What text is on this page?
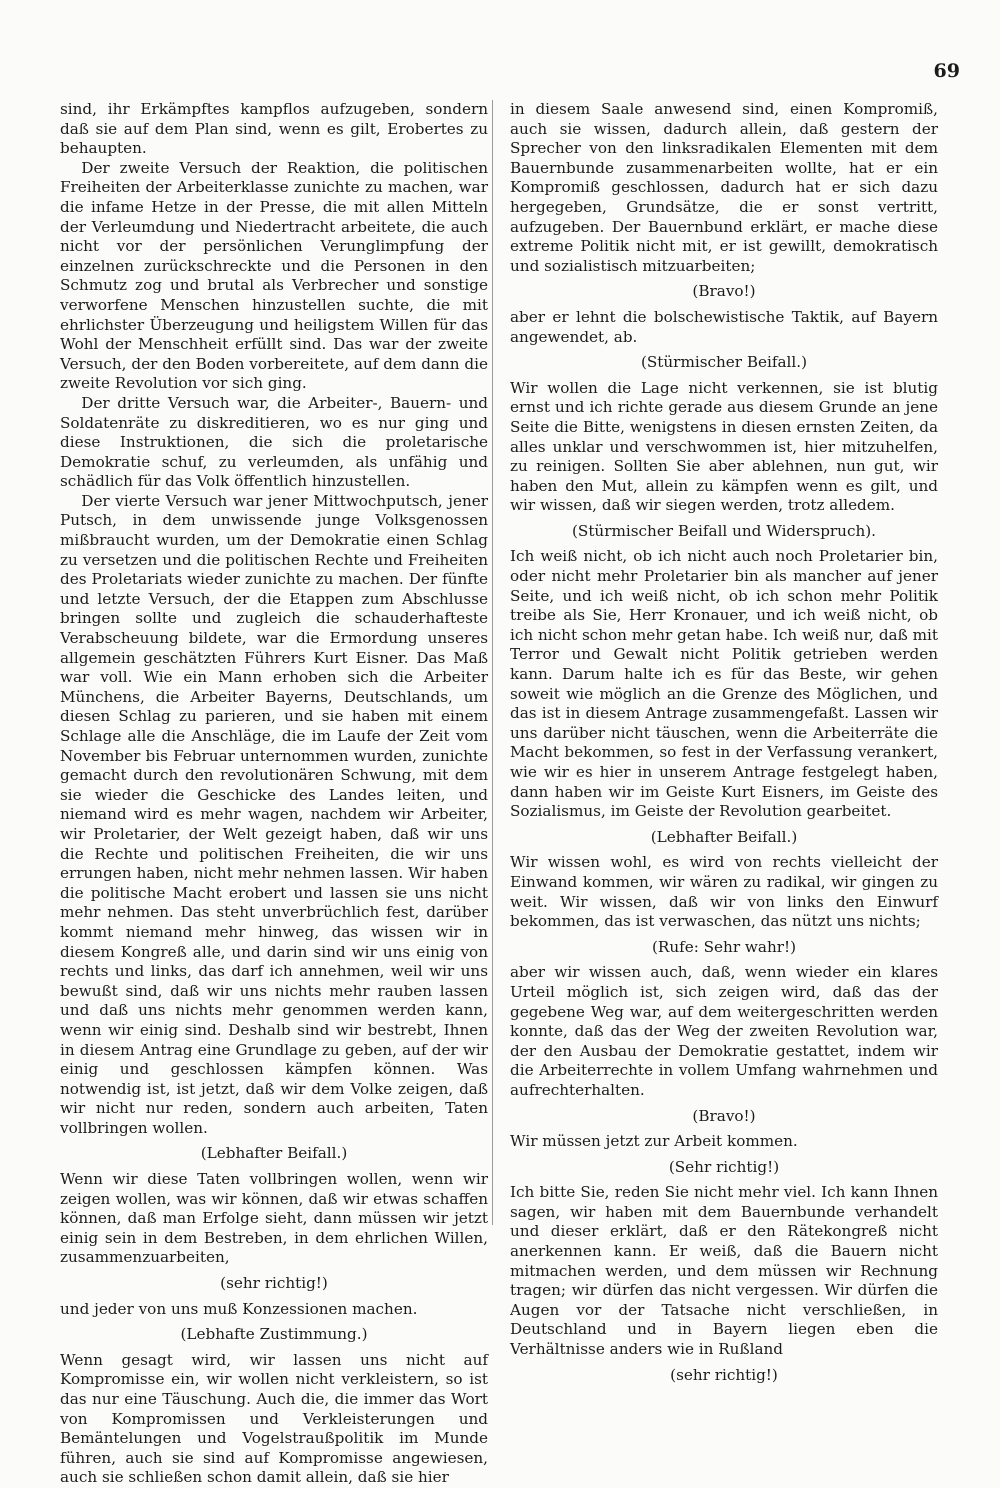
69

sind, ihr Erkämpftes kampflos aufzugeben, sondern daß sie auf dem Plan sind, wenn es gilt, Erobertes zu behaupten.

Der zweite Versuch der Reaktion, die politischen Freiheiten der Arbeiterklasse zunichte zu machen, war die infame Hetze in der Presse, die mit allen Mitteln der Verleumdung und Niedertracht arbeitete, die auch nicht vor der persönlichen Verunglimpfung der einzelnen zurückschreckte und die Personen in den Schmutz zog und brutal als Verbrecher und sonstige verworfene Menschen hinzustellen suchte, die mit ehrlichster Überzeugung und heiligstem Willen für das Wohl der Menschheit erfüllt sind. Das war der zweite Versuch, der den Boden vorbereitete, auf dem dann die zweite Revolution vor sich ging.

Der dritte Versuch war, die Arbeiter-, Bauern- und Soldatenräte zu diskreditieren, wo es nur ging und diese Instruktionen, die sich die proletarische Demokratie schuf, zu verleumden, als unfähig und schädlich für das Volk öffentlich hinzustellen.

Der vierte Versuch war jener Mittwochputsch, jener Putsch, in dem unwissende junge Volksgenossen mißbraucht wurden, um der Demokratie einen Schlag zu versetzen und die politischen Rechte und Freiheiten des Proletariats wieder zunichte zu machen. Der fünfte und letzte Versuch, der die Etappen zum Abschlusse bringen sollte und zugleich die schauderhafteste Verabscheuung bildete, war die Ermordung unseres allgemein geschätzten Führers Kurt Eisner. Das Maß war voll. Wie ein Mann erhoben sich die Arbeiter Münchens, die Arbeiter Bayerns, Deutschlands, um diesen Schlag zu parieren, und sie haben mit einem Schlage alle die Anschläge, die im Laufe der Zeit vom November bis Februar unternommen wurden, zunichte gemacht durch den revolutionären Schwung, mit dem sie wieder die Geschicke des Landes leiten, und niemand wird es mehr wagen, nachdem wir Arbeiter, wir Proletarier, der Welt gezeigt haben, daß wir uns die Rechte und politischen Freiheiten, die wir uns errungen haben, nicht mehr nehmen lassen. Wir haben die politische Macht erobert und lassen sie uns nicht mehr nehmen. Das steht unverbrüchlich fest, darüber kommt niemand mehr hinweg, das wissen wir in diesem Kongreß alle, und darin sind wir uns einig von rechts und links, das darf ich annehmen, weil wir uns bewußt sind, daß wir uns nichts mehr rauben lassen und daß uns nichts mehr genommen werden kann, wenn wir einig sind. Deshalb sind wir bestrebt, Ihnen in diesem Antrag eine Grundlage zu geben, auf der wir einig und geschlossen kämpfen können. Was notwendig ist, ist jetzt, daß wir dem Volke zeigen, daß wir nicht nur reden, sondern auch arbeiten, Taten vollbringen wollen.

(Lebhafter Beifall.)

Wenn wir diese Taten vollbringen wollen, wenn wir zeigen wollen, was wir können, daß wir etwas schaffen können, daß man Erfolge sieht, dann müssen wir jetzt einig sein in dem Bestreben, in dem ehrlichen Willen, zusammenzuarbeiten,

(sehr richtig!)

und jeder von uns muß Konzessionen machen.

(Lebhafte Zustimmung.)

Wenn gesagt wird, wir lassen uns nicht auf Kompromisse ein, wir wollen nicht verkleistern, so ist das nur eine Täuschung. Auch die, die immer das Wort von Kompromissen und Verkleisterungen und Bemäntelungen und Vogelstraußpolitik im Munde führen, auch sie sind auf Kompromisse angewiesen, auch sie schließen schon damit allein, daß sie hier

in diesem Saale anwesend sind, einen Kompromiß, auch sie wissen, dadurch allein, daß gestern der Sprecher von den linksradikalen Elementen mit dem Bauernbunde zusammenarbeiten wollte, hat er ein Kompromiß geschlossen, dadurch hat er sich dazu hergegeben, Grundsätze, die er sonst vertritt, aufzugeben. Der Bauernbund erklärt, er mache diese extreme Politik nicht mit, er ist gewillt, demokratisch und sozialistisch mitzuarbeiten;

(Bravo!)

aber er lehnt die bolschewistische Taktik, auf Bayern angewendet, ab.

(Stürmischer Beifall.)

Wir wollen die Lage nicht verkennen, sie ist blutig ernst und ich richte gerade aus diesem Grunde an jene Seite die Bitte, wenigstens in diesen ernsten Zeiten, da alles unklar und verschwommen ist, hier mitzuhelfen, zu reinigen. Sollten Sie aber ablehnen, nun gut, wir haben den Mut, allein zu kämpfen wenn es gilt, und wir wissen, daß wir siegen werden, trotz alledem.

(Stürmischer Beifall und Widerspruch).

Ich weiß nicht, ob ich nicht auch noch Proletarier bin, oder nicht mehr Proletarier bin als mancher auf jener Seite, und ich weiß nicht, ob ich schon mehr Politik treibe als Sie, Herr Kronauer, und ich weiß nicht, ob ich nicht schon mehr getan habe. Ich weiß nur, daß mit Terror und Gewalt nicht Politik getrieben werden kann. Darum halte ich es für das Beste, wir gehen soweit wie möglich an die Grenze des Möglichen, und das ist in diesem Antrage zusammengefaßt. Lassen wir uns darüber nicht täuschen, wenn die Arbeiterräte die Macht bekommen, so fest in der Verfassung verankert, wie wir es hier in unserem Antrage festgelegt haben, dann haben wir im Geiste Kurt Eisners, im Geiste des Sozialismus, im Geiste der Revolution gearbeitet.

(Lebhafter Beifall.)

Wir wissen wohl, es wird von rechts vielleicht der Einwand kommen, wir wären zu radikal, wir gingen zu weit. Wir wissen, daß wir von links den Einwurf bekommen, das ist verwaschen, das nützt uns nichts;

(Rufe: Sehr wahr!)

aber wir wissen auch, daß, wenn wieder ein klares Urteil möglich ist, sich zeigen wird, daß das der gegebene Weg war, auf dem weitergeschritten werden konnte, daß das der Weg der zweiten Revolution war, der den Ausbau der Demokratie gestattet, indem wir die Arbeiterrechte in vollem Umfang wahrnehmen und aufrechterhalten.

(Bravo!)

Wir müssen jetzt zur Arbeit kommen.

(Sehr richtig!)

Ich bitte Sie, reden Sie nicht mehr viel. Ich kann Ihnen sagen, wir haben mit dem Bauernbunde verhandelt und dieser erklärt, daß er den Rätekongreß nicht anerkennen kann. Er weiß, daß die Bauern nicht mitmachen werden, und dem müssen wir Rechnung tragen; wir dürfen das nicht vergessen. Wir dürfen die Augen vor der Tatsache nicht verschließen, in Deutschland und in Bayern liegen eben die Verhältnisse anders wie in Rußland

(sehr richtig!)
